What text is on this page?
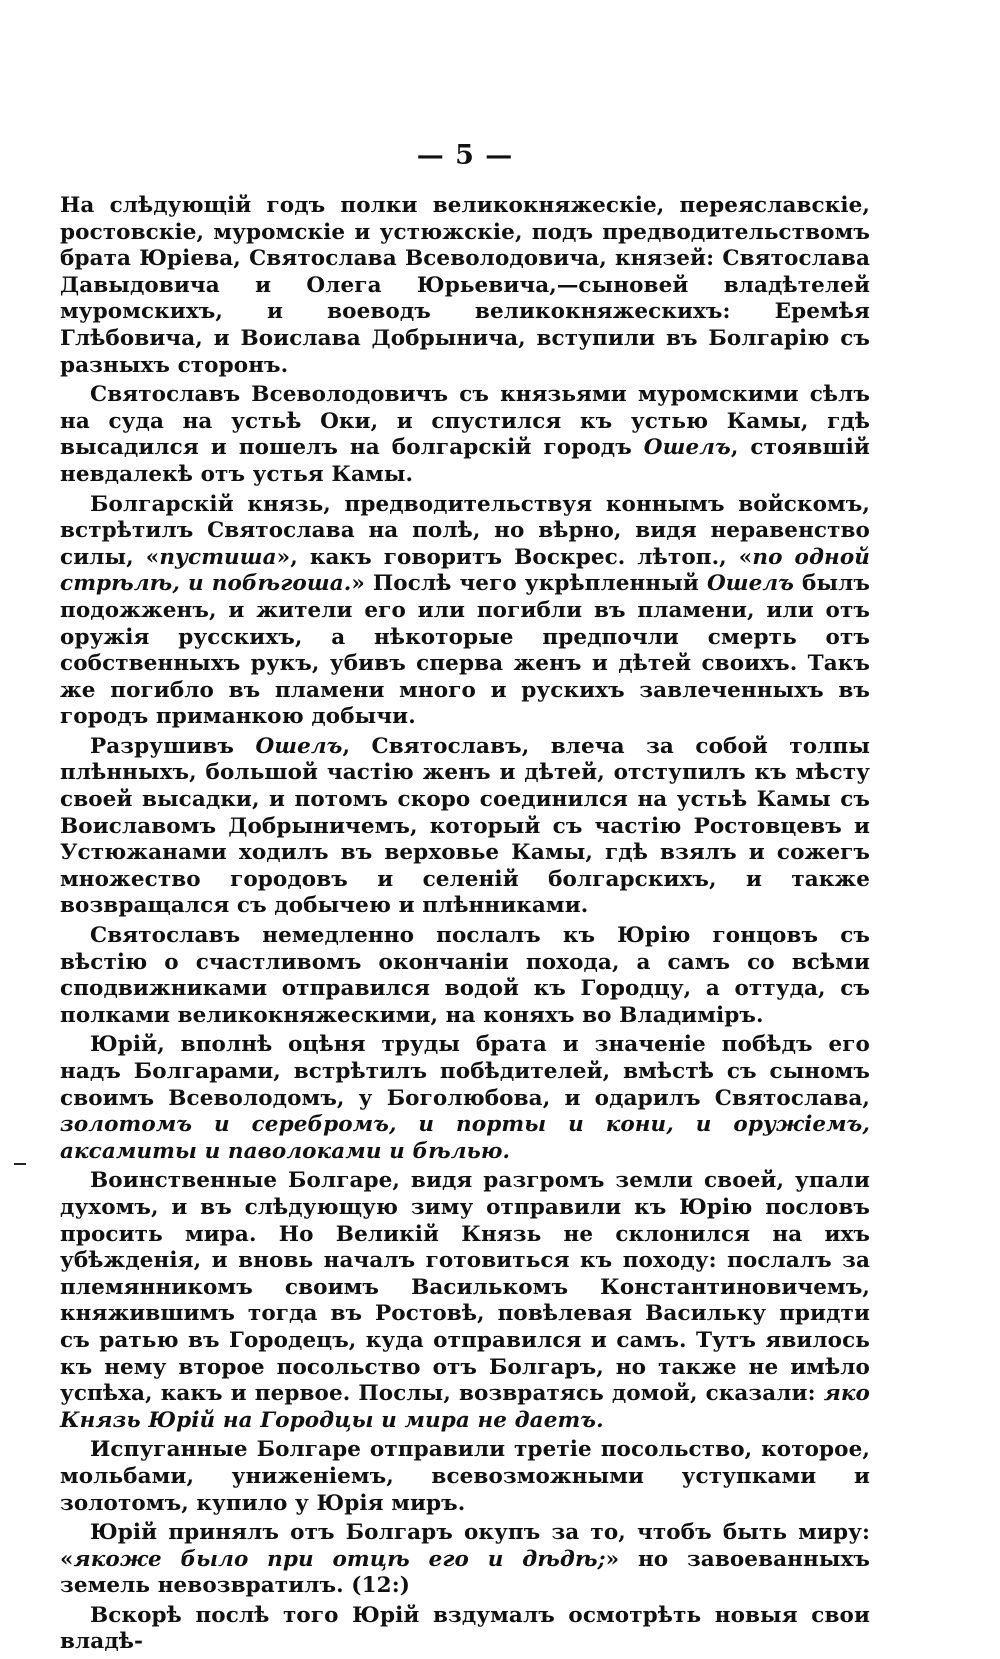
— 5 —

На слѣдующій годъ полки великокняжескіе, переяславскіе, ростовскіе, муромскіе и устюжскіе, подъ предводительствомъ брата Юріева, Святослава Всеволодовича, князей: Святослава Давыдовича и Олега Юрьевича,—сыновей владѣтелей муромскихъ, и воеводъ великокняжескихъ: Еремѣя Глѣбовича, и Воислава Добрынича, вступили въ Болгарію съ разныхъ сторонъ.

Святославъ Всеволодовичъ съ князьями муромскими сѣлъ на суда на устьѣ Оки, и спустился къ устью Камы, гдѣ высадился и пошелъ на болгарскій городъ Ошелъ, стоявшій невдалекѣ отъ устья Камы.

Болгарскій князь, предводительствуя коннымъ войскомъ, встрѣтилъ Святослава на полѣ, но вѣрно, видя неравенство силы, «пустиша», какъ говоритъ Воскрес. лѣтоп., «по одной стрѣлѣ, и побѣгоша.» Послѣ чего укрѣпленный Ошелъ былъ подожженъ, и жители его или погибли въ пламени, или отъ оружія русскихъ, а нѣкоторые предпочли смерть отъ собственныхъ рукъ, убивъ сперва женъ и дѣтей своихъ. Такъ же погибло въ пламени много и рускихъ завлеченныхъ въ городъ приманкою добычи.

Разрушивъ Ошелъ, Святославъ, влеча за собой толпы плѣнныхъ, большой частію женъ и дѣтей, отступилъ къ мѣсту своей высадки, и потомъ скоро соединился на устьѣ Камы съ Воиславомъ Добрыничемъ, который съ частію Ростовцевъ и Устюжанами ходилъ въ верховье Камы, гдѣ взялъ и сожегъ множество городовъ и селеній болгарскихъ, и также возвращался съ добычею и плѣнниками.

Святославъ немедленно послалъ къ Юрію гонцовъ съ вѣстію о счастливомъ окончаніи похода, а самъ со всѣми сподвижниками отправился водой къ Городцу, а оттуда, съ полками великокняжескими, на коняхъ во Владиміръ.

Юрій, вполнѣ оцѣня труды брата и значеніе побѣдъ его надъ Болгарами, встрѣтилъ побѣдителей, вмѣстѣ съ сыномъ своимъ Всеволодомъ, у Боголюбова, и одарилъ Святослава, золотомъ и серебромъ, и порты и кони, и оружіемъ, аксамиты и паволоками и бѣлью.

Воинственные Болгаре, видя разгромъ земли своей, упали духомъ, и въ слѣдующую зиму отправили къ Юрію пословъ просить мира. Но Великій Князь не склонился на ихъ убѣжденія, и вновь началъ готовиться къ походу: послалъ за племянникомъ своимъ Василькомъ Константиновичемъ, княжившимъ тогда въ Ростовѣ, повѣлевая Васильку придти съ ратью въ Городецъ, куда отправился и самъ. Тутъ явилось къ нему второе посольство отъ Болгаръ, но также не имѣло успѣха, какъ и первое. Послы, возвратясь домой, сказали: яко Князь Юрій на Городцы и мира не даетъ.

Испуганные Болгаре отправили третіе посольство, которое, мольбами, униженіемъ, всевозможными уступками и золотомъ, купило у Юрія миръ.

Юрій принялъ отъ Болгаръ окупъ за то, чтобъ быть миру: «якоже было при отцѣ его и дѣдѣ;» но завоеванныхъ земель невозвратилъ. (12:)

Вскорѣ послѣ того Юрій вздумалъ осмотрѣть новыя свои владѣ-
